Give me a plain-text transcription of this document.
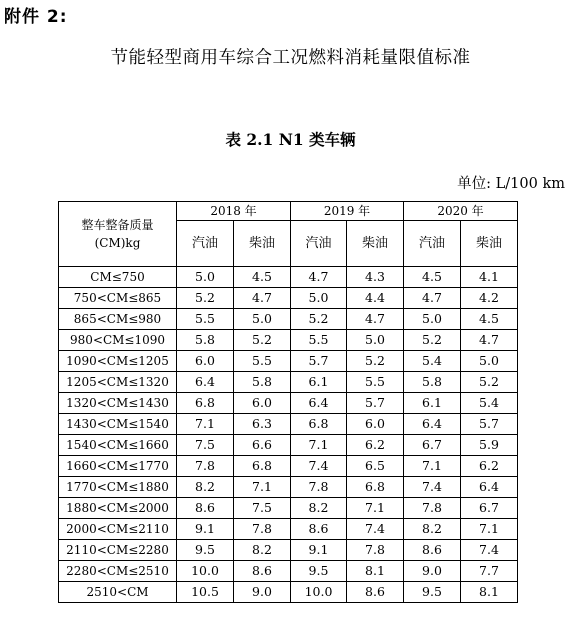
附件 2:
节能轻型商用车综合工况燃料消耗量限值标准
表 2.1 N1 类车辆
单位: L/100 km
整车整备质量
(CM)kg	2018 年		2019 年		2020 年	
	汽油	柴油	汽油	柴油	汽油	柴油
CM≤750	5.0	4.5	4.7	4.3	4.5	4.1
750<CM≤865	5.2	4.7	5.0	4.4	4.7	4.2
865<CM≤980	5.5	5.0	5.2	4.7	5.0	4.5
980<CM≤1090	5.8	5.2	5.5	5.0	5.2	4.7
1090<CM≤1205	6.0	5.5	5.7	5.2	5.4	5.0
1205<CM≤1320	6.4	5.8	6.1	5.5	5.8	5.2
1320<CM≤1430	6.8	6.0	6.4	5.7	6.1	5.4
1430<CM≤1540	7.1	6.3	6.8	6.0	6.4	5.7
1540<CM≤1660	7.5	6.6	7.1	6.2	6.7	5.9
1660<CM≤1770	7.8	6.8	7.4	6.5	7.1	6.2
1770<CM≤1880	8.2	7.1	7.8	6.8	7.4	6.4
1880<CM≤2000	8.6	7.5	8.2	7.1	7.8	6.7
2000<CM≤2110	9.1	7.8	8.6	7.4	8.2	7.1
2110<CM≤2280	9.5	8.2	9.1	7.8	8.6	7.4
2280<CM≤2510	10.0	8.6	9.5	8.1	9.0	7.7
2510<CM	10.5	9.0	10.0	8.6	9.5	8.1
